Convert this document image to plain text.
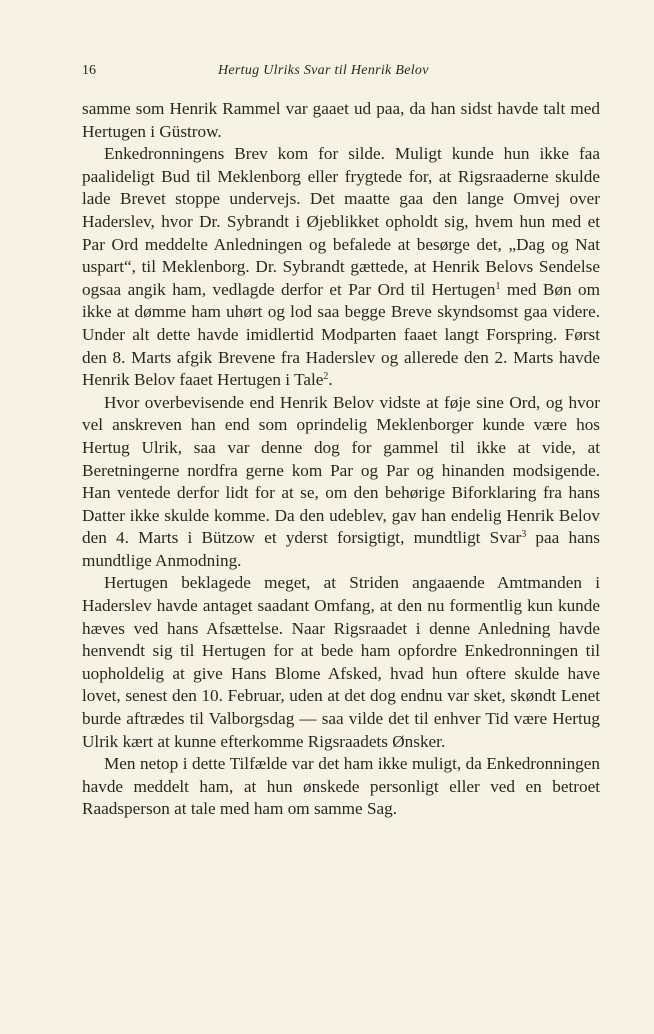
16	Hertug Ulriks Svar til Henrik Belov

samme som Henrik Rammel var gaaet ud paa, da han sidst havde talt med Hertugen i Güstrow.

Enkedronningens Brev kom for silde. Muligt kunde hun ikke faa paalideligt Bud til Meklenborg eller frygtede for, at Rigsraaderne skulde lade Brevet stoppe undervejs. Det maatte gaa den lange Omvej over Haderslev, hvor Dr. Sybrandt i Øjeblikket opholdt sig, hvem hun med et Par Ord meddelte Anledningen og befalede at besørge det, „Dag og Nat uspart“, til Meklenborg. Dr. Sybrandt gættede, at Henrik Belovs Sendelse ogsaa angik ham, vedlagde derfor et Par Ord til Hertugen$^1$ med Bøn om ikke at dømme ham uhørt og lod saa begge Breve skyndsomst gaa videre. Under alt dette havde imidlertid Modparten faaet langt Forspring. Først den 8. Marts afgik Brevene fra Haderslev og allerede den 2. Marts havde Henrik Belov faaet Hertugen i Tale$^2$.

Hvor overbevisende end Henrik Belov vidste at føje sine Ord, og hvor vel anskreven han end som oprindelig Meklenborger kunde være hos Hertug Ulrik, saa var denne dog for gammel til ikke at vide, at Beretningerne nordfra gerne kom Par og Par og hinanden modsigende. Han ventede derfor lidt for at se, om den behørige Biforklaring fra hans Datter ikke skulde komme. Da den udeblev, gav han endelig Henrik Belov den 4. Marts i Bützow et yderst forsigtigt, mundtligt Svar$^3$ paa hans mundtlige Anmodning.

Hertugen beklagede meget, at Striden angaaende Amtmanden i Haderslev havde antaget saadant Omfang, at den nu formentlig kun kunde hæves ved hans Afsættelse. Naar Rigsraadet i denne Anledning havde henvendt sig til Hertugen for at bede ham opfordre Enkedronningen til uopholdelig at give Hans Blome Afsked, hvad hun oftere skulde have lovet, senest den 10. Februar, uden at det dog endnu var sket, skøndt Lenet burde aftrædes til Valborgsdag — saa vilde det til enhver Tid være Hertug Ulrik kært at kunne efterkomme Rigsraadets Ønsker.

Men netop i dette Tilfælde var det ham ikke muligt, da Enkedronningen havde meddelt ham, at hun ønskede personligt eller ved en betroet Raadsperson at tale med ham om samme Sag.
